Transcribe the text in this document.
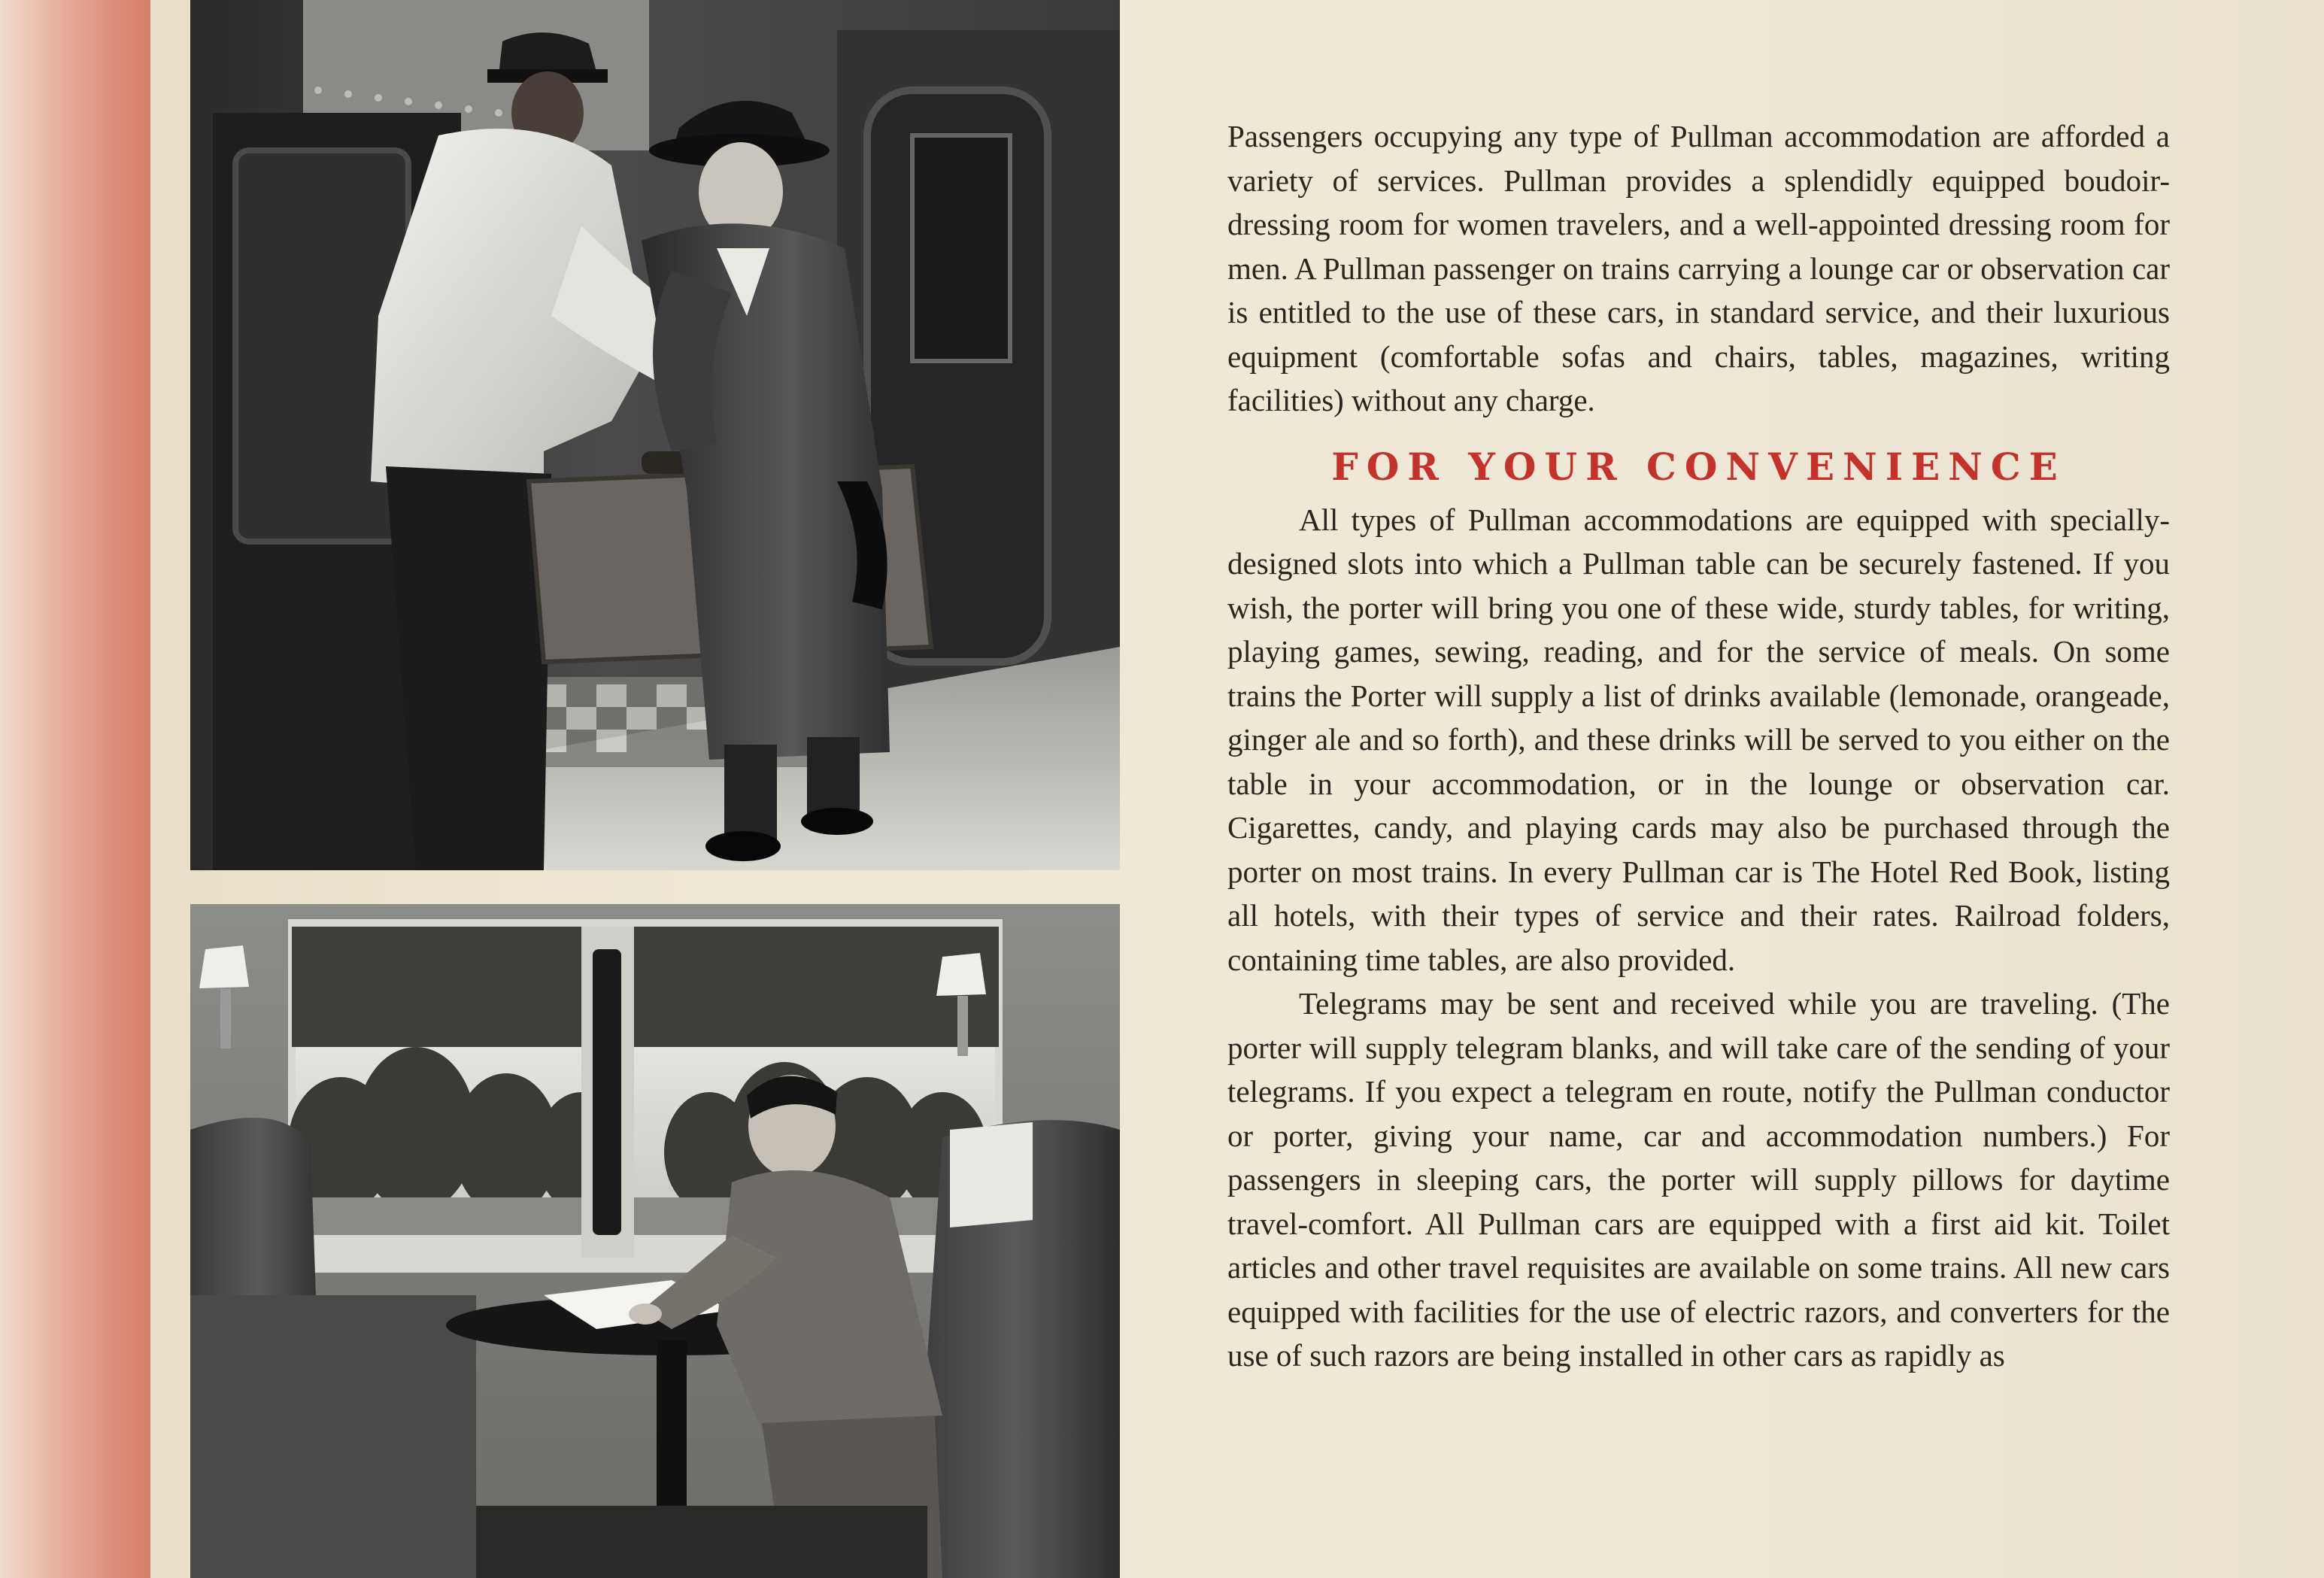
Passengers occupying any type of Pullman accommodation are afforded a variety of services. Pullman provides a splendidly equipped boudoir-dressing room for women travelers, and a well-appointed dressing room for men. A Pullman passenger on trains carrying a lounge car or observation car is entitled to the use of these cars, in standard service, and their luxurious equipment (comfortable sofas and chairs, tables, magazines, writing facilities) without any charge.

FOR YOUR CONVENIENCE

All types of Pullman accommodations are equipped with specially-designed slots into which a Pullman table can be securely fastened. If you wish, the porter will bring you one of these wide, sturdy tables, for writing, playing games, sewing, reading, and for the service of meals. On some trains the Porter will supply a list of drinks available (lemonade, orangeade, ginger ale and so forth), and these drinks will be served to you either on the table in your accommodation, or in the lounge or observation car. Cigarettes, candy, and playing cards may also be purchased through the porter on most trains. In every Pullman car is The Hotel Red Book, listing all hotels, with their types of service and their rates. Railroad folders, containing time tables, are also provided.

Telegrams may be sent and received while you are traveling. (The porter will supply telegram blanks, and will take care of the sending of your telegrams. If you expect a telegram en route, notify the Pullman conductor or porter, giving your name, car and accommodation numbers.) For passengers in sleeping cars, the porter will supply pillows for daytime travel-comfort. All Pullman cars are equipped with a first aid kit. Toilet articles and other travel requisites are available on some trains. All new cars equipped with facilities for the use of electric razors, and converters for the use of such razors are being installed in other cars as rapidly as
